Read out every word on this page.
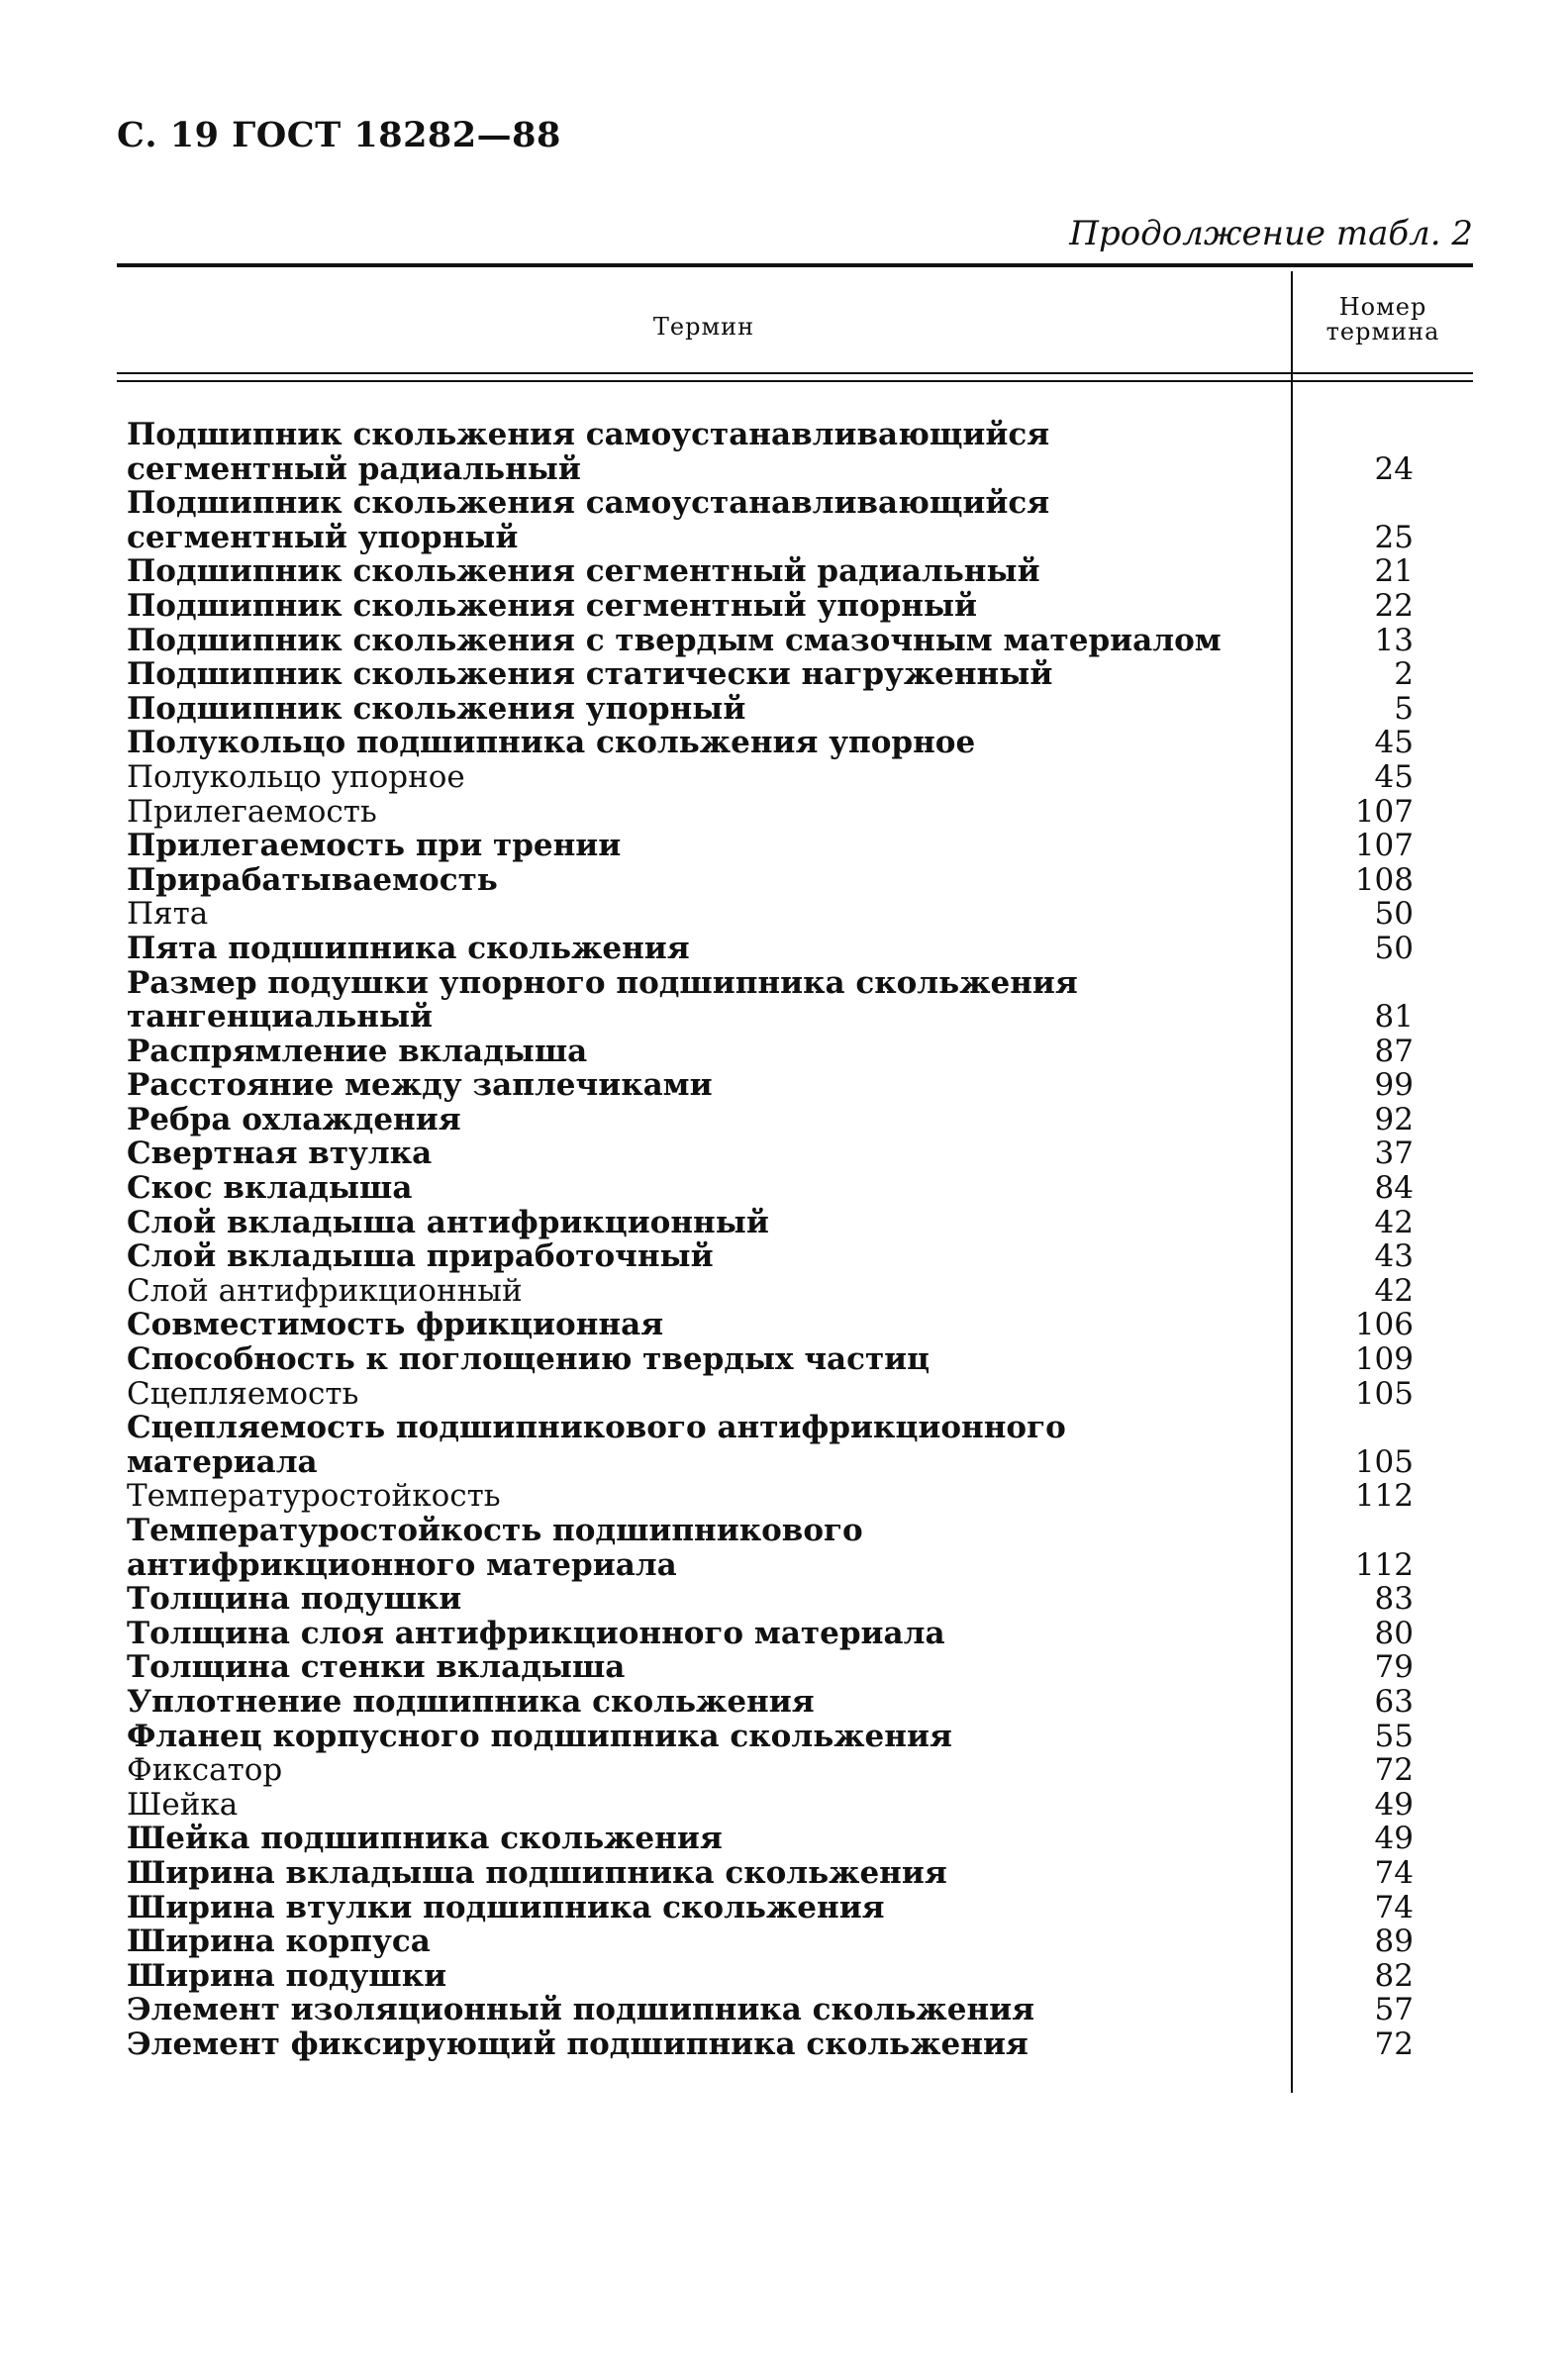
С. 19 ГОСТ 18282—88
Продолжение табл. 2
Термин
Номер
термина
Подшипник скольжения самоустанавливающийся
сегментный радиальный	24
Подшипник скольжения самоустанавливающийся
сегментный упорный	25
Подшипник скольжения сегментный радиальный	21
Подшипник скольжения сегментный упорный	22
Подшипник скольжения с твердым смазочным материалом	13
Подшипник скольжения статически нагруженный	2
Подшипник скольжения упорный	5
Полукольцо подшипника скольжения упорное	45
Полукольцо упорное	45
Прилегаемость	107
Прилегаемость при трении	107
Прирабатываемость	108
Пята	50
Пята подшипника скольжения	50
Размер подушки упорного подшипника скольжения
тангенциальный	81
Распрямление вкладыша	87
Расстояние между заплечиками	99
Ребра охлаждения	92
Свертная втулка	37
Скос вкладыша	84
Слой вкладыша антифрикционный	42
Слой вкладыша приработочный	43
Слой антифрикционный	42
Совместимость фрикционная	106
Способность к поглощению твердых частиц	109
Сцепляемость	105
Сцепляемость подшипникового антифрикционного
материала	105
Температуростойкость	112
Температуростойкость подшипникового
антифрикционного материала	112
Толщина подушки	83
Толщина слоя антифрикционного материала	80
Толщина стенки вкладыша	79
Уплотнение подшипника скольжения	63
Фланец корпусного подшипника скольжения	55
Фиксатор	72
Шейка	49
Шейка подшипника скольжения	49
Ширина вкладыша подшипника скольжения	74
Ширина втулки подшипника скольжения	74
Ширина корпуса	89
Ширина подушки	82
Элемент изоляционный подшипника скольжения	57
Элемент фиксирующий подшипника скольжения	72
